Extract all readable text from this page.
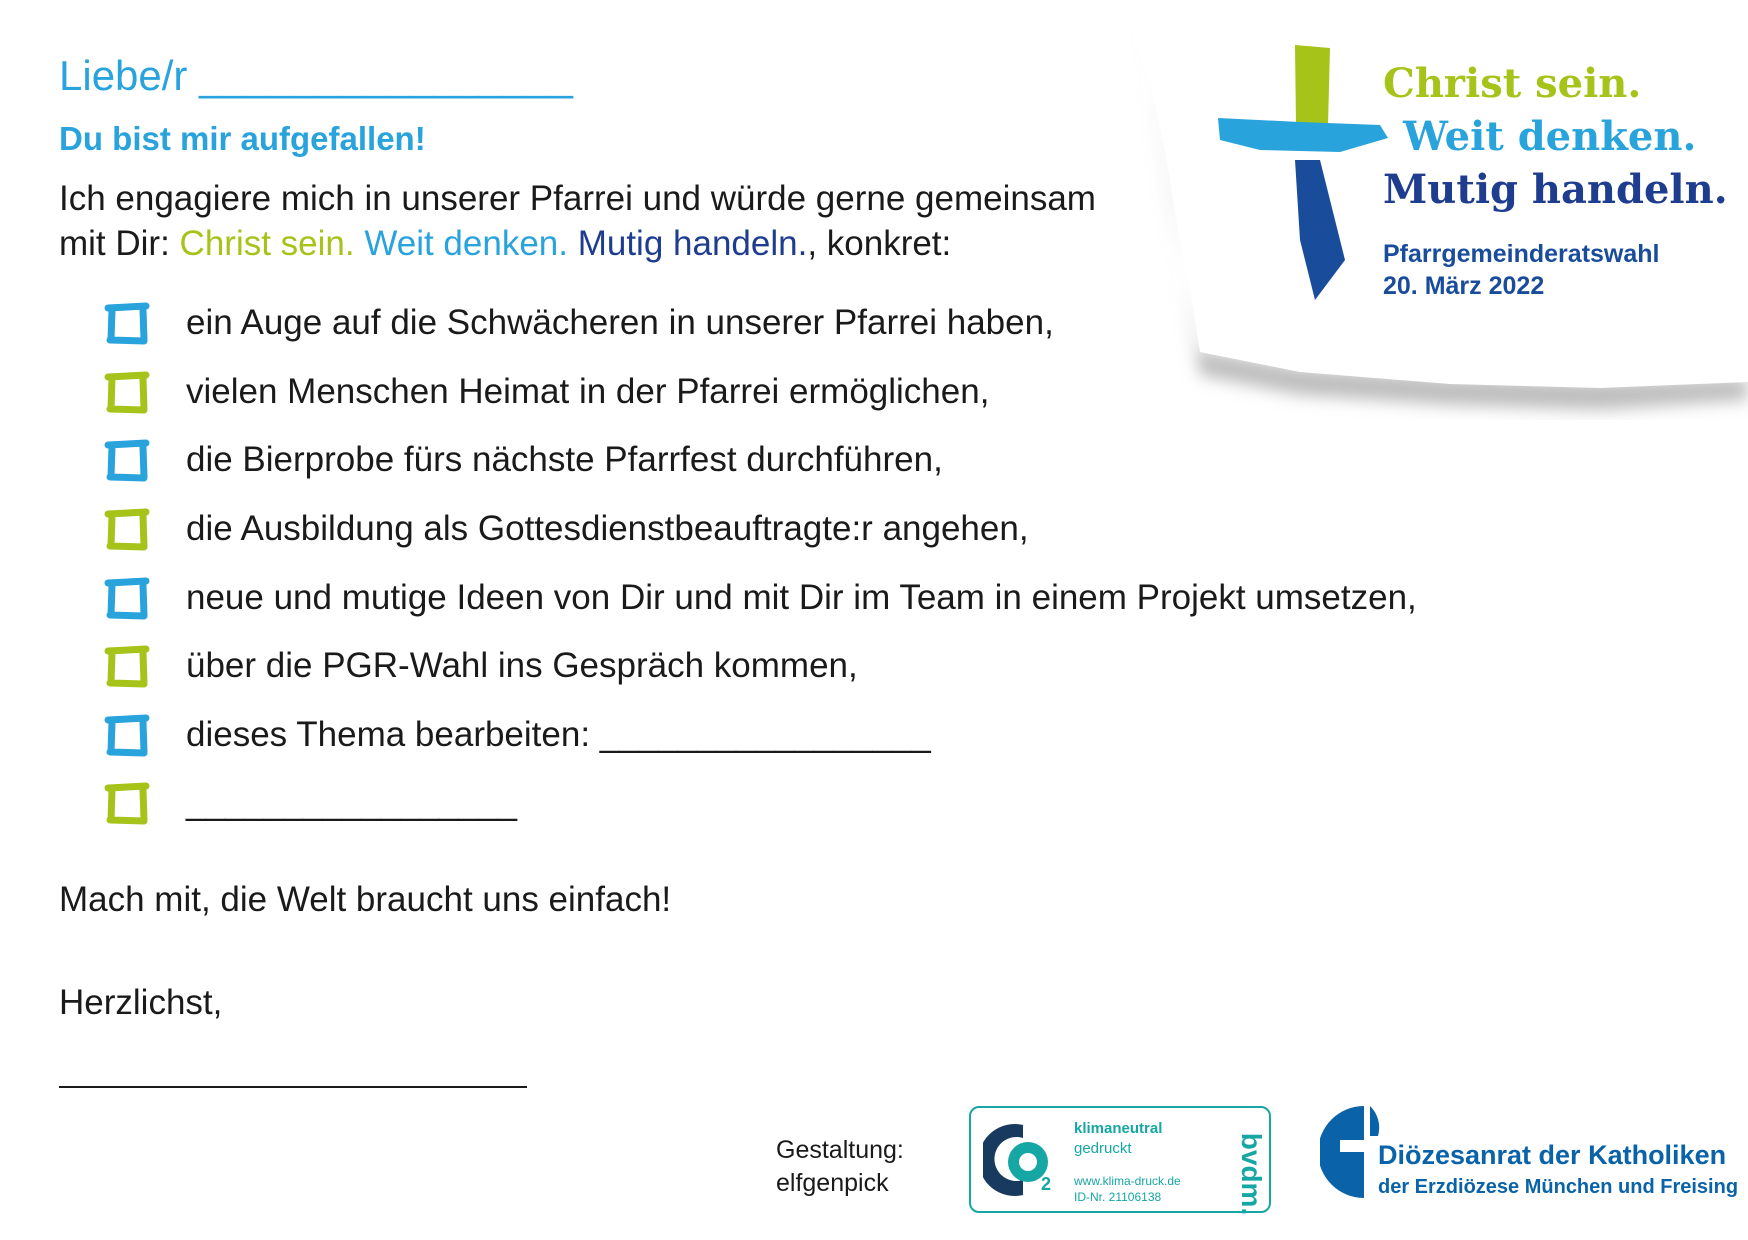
Christ sein.
Weit denken.
Mutig handeln.
Pfarrgemeinderatswahl
20. März 2022
Liebe/r ________________
Du bist mir aufgefallen!
Ich engagiere mich in unserer Pfarrei und würde gerne gemeinsam
mit Dir: Christ sein. Weit denken. Mutig handeln., konkret:
ein Auge auf die Schwächeren in unserer Pfarrei haben,
vielen Menschen Heimat in der Pfarrei ermöglichen,
die Bierprobe fürs nächste Pfarrfest durchführen,
die Ausbildung als Gottesdienstbeauftragte:r angehen,
neue und mutige Ideen von Dir und mit Dir im Team in einem Projekt umsetzen,
über die PGR-Wahl ins Gespräch kommen,
dieses Thema bearbeiten: _________________
_________________
Mach mit, die Welt braucht uns einfach!
Herzlichst,
Gestaltung:
elfgenpick	2
klimaneutral
gedruckt
www.klima-druck.de
ID-Nr. 21106138	bvdm.	Diözesanrat der Katholiken
der Erzdiözese München und Freising
